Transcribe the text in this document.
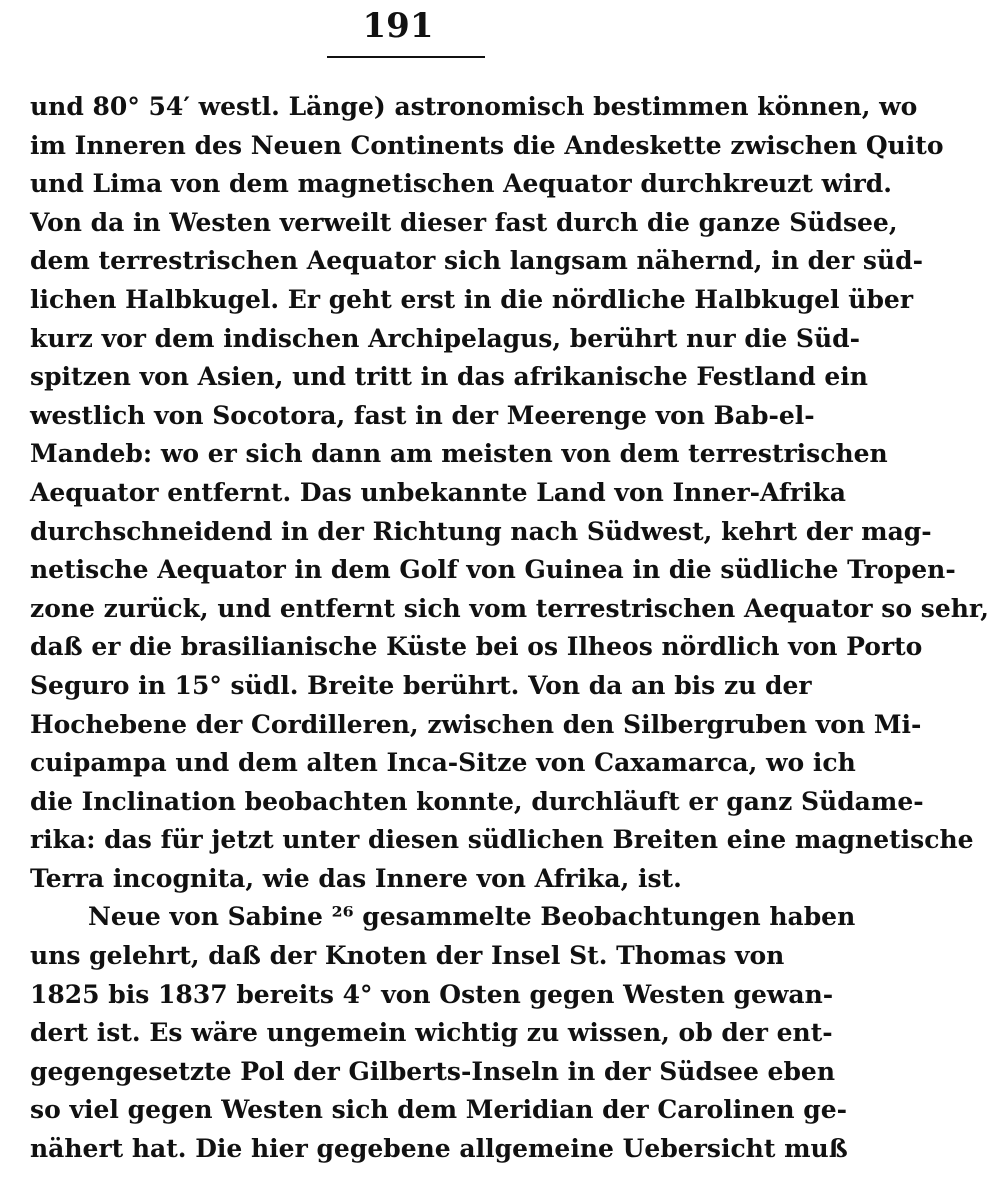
191
und 80° 54′ westl. Länge) astronomisch bestimmen können, wo
im Inneren des Neuen Continents die Andeskette zwischen Quito
und Lima von dem magnetischen Aequator durchkreuzt wird.
Von da in Westen verweilt dieser fast durch die ganze Südsee,
dem terrestrischen Aequator sich langsam nähernd, in der süd-
lichen Halbkugel. Er geht erst in die nördliche Halbkugel über
kurz vor dem indischen Archipelagus, berührt nur die Süd-
spitzen von Asien, und tritt in das afrikanische Festland ein
westlich von Socotora, fast in der Meerenge von Bab-el-
Mandeb: wo er sich dann am meisten von dem terrestrischen
Aequator entfernt. Das unbekannte Land von Inner-Afrika
durchschneidend in der Richtung nach Südwest, kehrt der mag-
netische Aequator in dem Golf von Guinea in die südliche Tropen-
zone zurück, und entfernt sich vom terrestrischen Aequator so sehr,
daß er die brasilianische Küste bei os Ilheos nördlich von Porto
Seguro in 15° südl. Breite berührt. Von da an bis zu der
Hochebene der Cordilleren, zwischen den Silbergruben von Mi-
cuipampa und dem alten Inca-Sitze von Caxamarca, wo ich
die Inclination beobachten konnte, durchläuft er ganz Südame-
rika: das für jetzt unter diesen südlichen Breiten eine magnetische
Terra incognita, wie das Innere von Afrika, ist.
Neue von Sabine ²⁶ gesammelte Beobachtungen haben
uns gelehrt, daß der Knoten der Insel St. Thomas von
1825 bis 1837 bereits 4° von Osten gegen Westen gewan-
dert ist. Es wäre ungemein wichtig zu wissen, ob der ent-
gegengesetzte Pol der Gilberts-Inseln in der Südsee eben
so viel gegen Westen sich dem Meridian der Carolinen ge-
nähert hat. Die hier gegebene allgemeine Uebersicht muß
